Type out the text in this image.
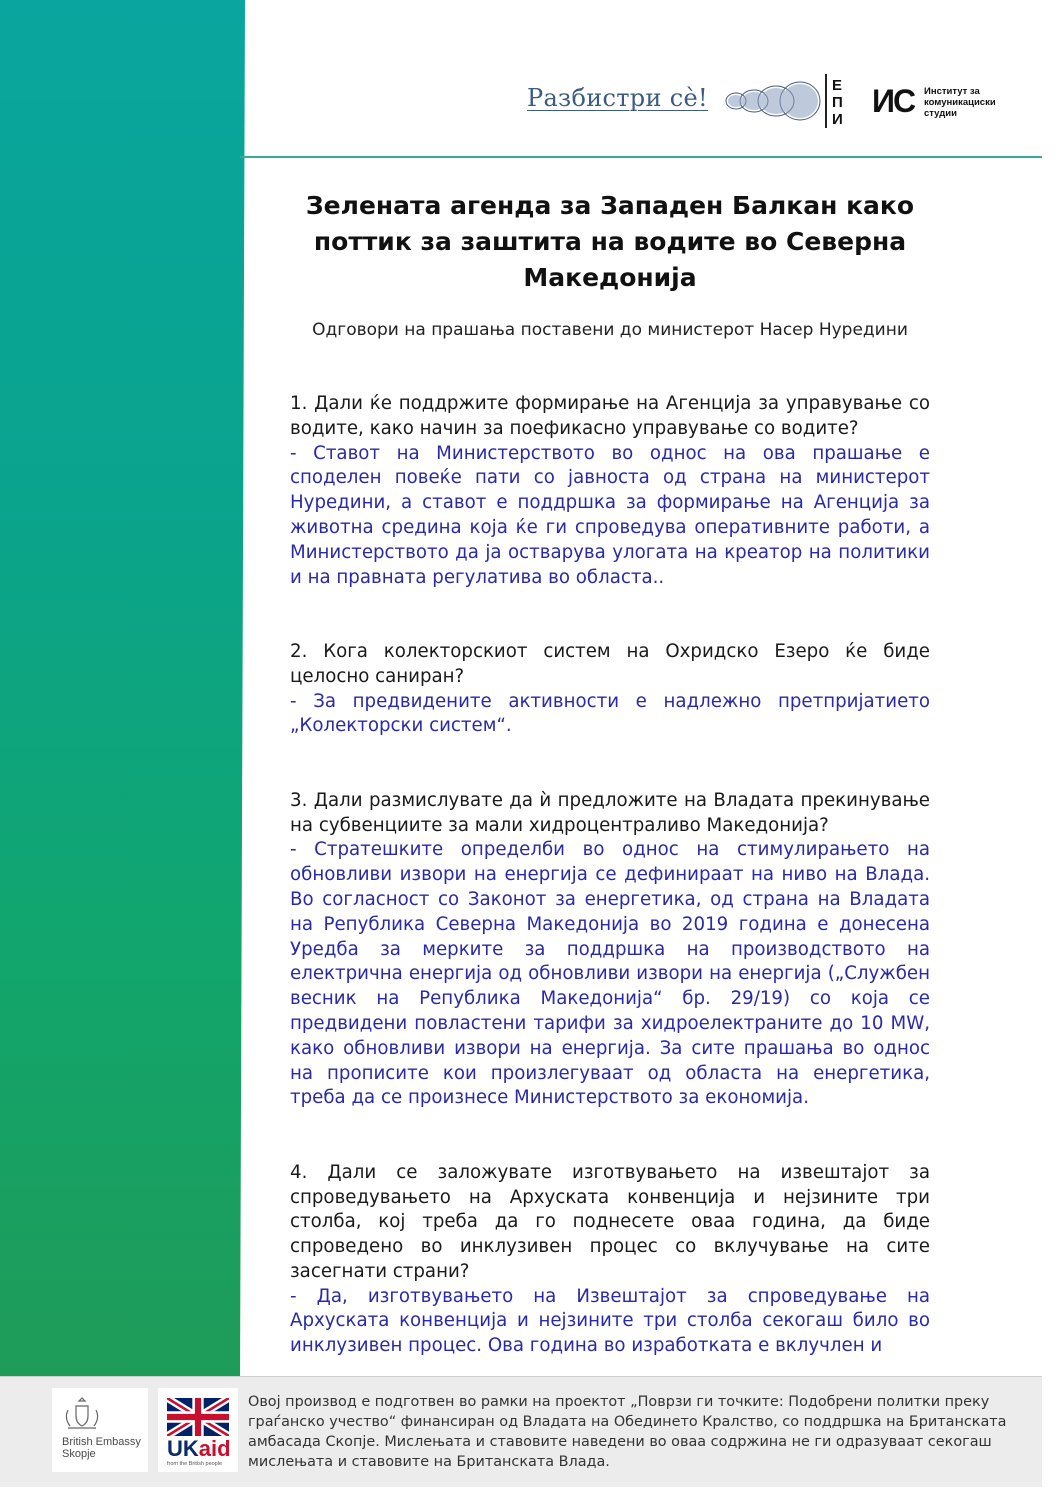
Разбистри сѐ!	Е
П
И
ИС Институт за
комуникациски
студии
Зелената агенда за Западен Балкан како поттик за заштита на водите во Северна Македонија
Одговори на прашања поставени до министерот Насер Нуредини

1. Дали ќе поддржите формирање на Агенција за управување со водите, како начин за поефикасно управување со водите?

- Ставот на Министерството во однос на ова прашање е споделен повеќе пати со јавноста од страна на министерот Нуредини, а ставот е поддршка за формирање на Агенција за животна средина која ќе ги спроведува оперативните работи, а Министерството да ја остварува улогата на креатор на политики и на правната регулатива во областа..

2. Кога колекторскиот систем на Охридско Езеро ќе биде целосно саниран?

- За предвидените активности е надлежно претпријатието „Колекторски систем“.

3. Дали размислувате да ѝ предложите на Владата прекинување на субвенциите за мали хидроцентраливо Македонија?

- Стратешките определби во однос на стимулирањето на обновливи извори на енергија се дефинираат на ниво на Влада. Во согласност со Законот за енергетика, од страна на Владата на Република Северна Македонија во 2019 година е донесена Уредба за мерките за поддршка на производството на електрична енергија од обновливи извори на енергија („Службен весник на Република Македонија“ бр. 29/19) со која се предвидени повластени тарифи за хидроелектраните до 10 МW, како обновливи извори на енергија. За сите прашања во однос на прописите кои произлегуваат од областа на енергетика, треба да се произнесе Министерството за економија.

4. Дали се заложувате изготвувањето на извештајот за спроведувањето на Архуската конвенција и нејзините три столба, кој треба да го поднесете оваа година, да биде спроведено во инклузивен процес со вклучување на сите засегнати страни?

- Да, изготвувањето на Извештајот за спроведување на Архуската конвенција и нејзините три столба секогаш било во инклузивен процес. Ова година во изработката е вклучлен и

British Embassy
Skopje	UKaid
from the British people
Овој производ е подготвен во рамки на проектот „Поврзи ги точките: Подобрени политки преку граѓанско учество“ финансиран од Владата на Обединето Кралство, со поддршка на Британската амбасада Скопје. Мислењата и ставовите наведени во оваа содржина не ги одразуваат секогаш мислењата и ставовите на Британската Влада.
